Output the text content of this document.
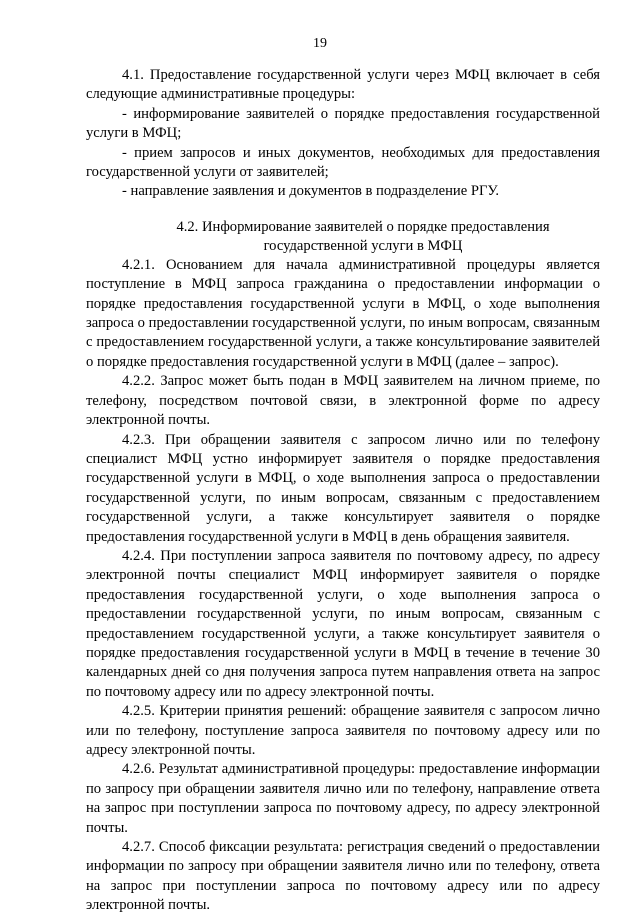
19

4.1. Предоставление государственной услуги через МФЦ включает в себя следующие административные процедуры:

- информирование заявителей о порядке предоставления государственной услуги в МФЦ;

- прием запросов и иных документов, необходимых для предоставления государственной услуги от заявителей;

- направление заявления и документов в подразделение РГУ.

4.2. Информирование заявителей о порядке предоставления
государственной услуги в МФЦ

4.2.1. Основанием для начала административной процедуры является поступление в МФЦ запроса гражданина о предоставлении информации о порядке предоставления государственной услуги в МФЦ, о ходе выполнения запроса о предоставлении государственной услуги, по иным вопросам, связанным с предоставлением государственной услуги, а также консультирование заявителей о порядке предоставления государственной услуги в МФЦ (далее – запрос).

4.2.2. Запрос может быть подан в МФЦ заявителем на личном приеме, по телефону, посредством почтовой связи, в электронной форме по адресу электронной почты.

4.2.3. При обращении заявителя с запросом лично или по телефону специалист МФЦ устно информирует заявителя о порядке предоставления государственной услуги в МФЦ, о ходе выполнения запроса о предоставлении государственной услуги, по иным вопросам, связанным с предоставлением государственной услуги, а также консультирует заявителя о порядке предоставления государственной услуги в МФЦ в день обращения заявителя.

4.2.4. При поступлении запроса заявителя по почтовому адресу, по адресу электронной почты специалист МФЦ информирует заявителя о порядке предоставления государственной услуги, о ходе выполнения запроса о предоставлении государственной услуги, по иным вопросам, связанным с предоставлением государственной услуги, а также консультирует заявителя о порядке предоставления государственной услуги в МФЦ в течение в течение 30 календарных дней со дня получения запроса путем направления ответа на запрос по почтовому адресу или по адресу электронной почты.

4.2.5. Критерии принятия решений: обращение заявителя с запросом лично или по телефону, поступление запроса заявителя по почтовому адресу или по адресу электронной почты.

4.2.6. Результат административной процедуры: предоставление информации по запросу при обращении заявителя лично или по телефону, направление ответа на запрос при поступлении запроса по почтовому адресу, по адресу электронной почты.

4.2.7. Способ фиксации результата: регистрация сведений о предоставлении информации по запросу при обращении заявителя лично или по телефону, ответа на запрос при поступлении запроса по почтовому адресу или по адресу электронной почты.
